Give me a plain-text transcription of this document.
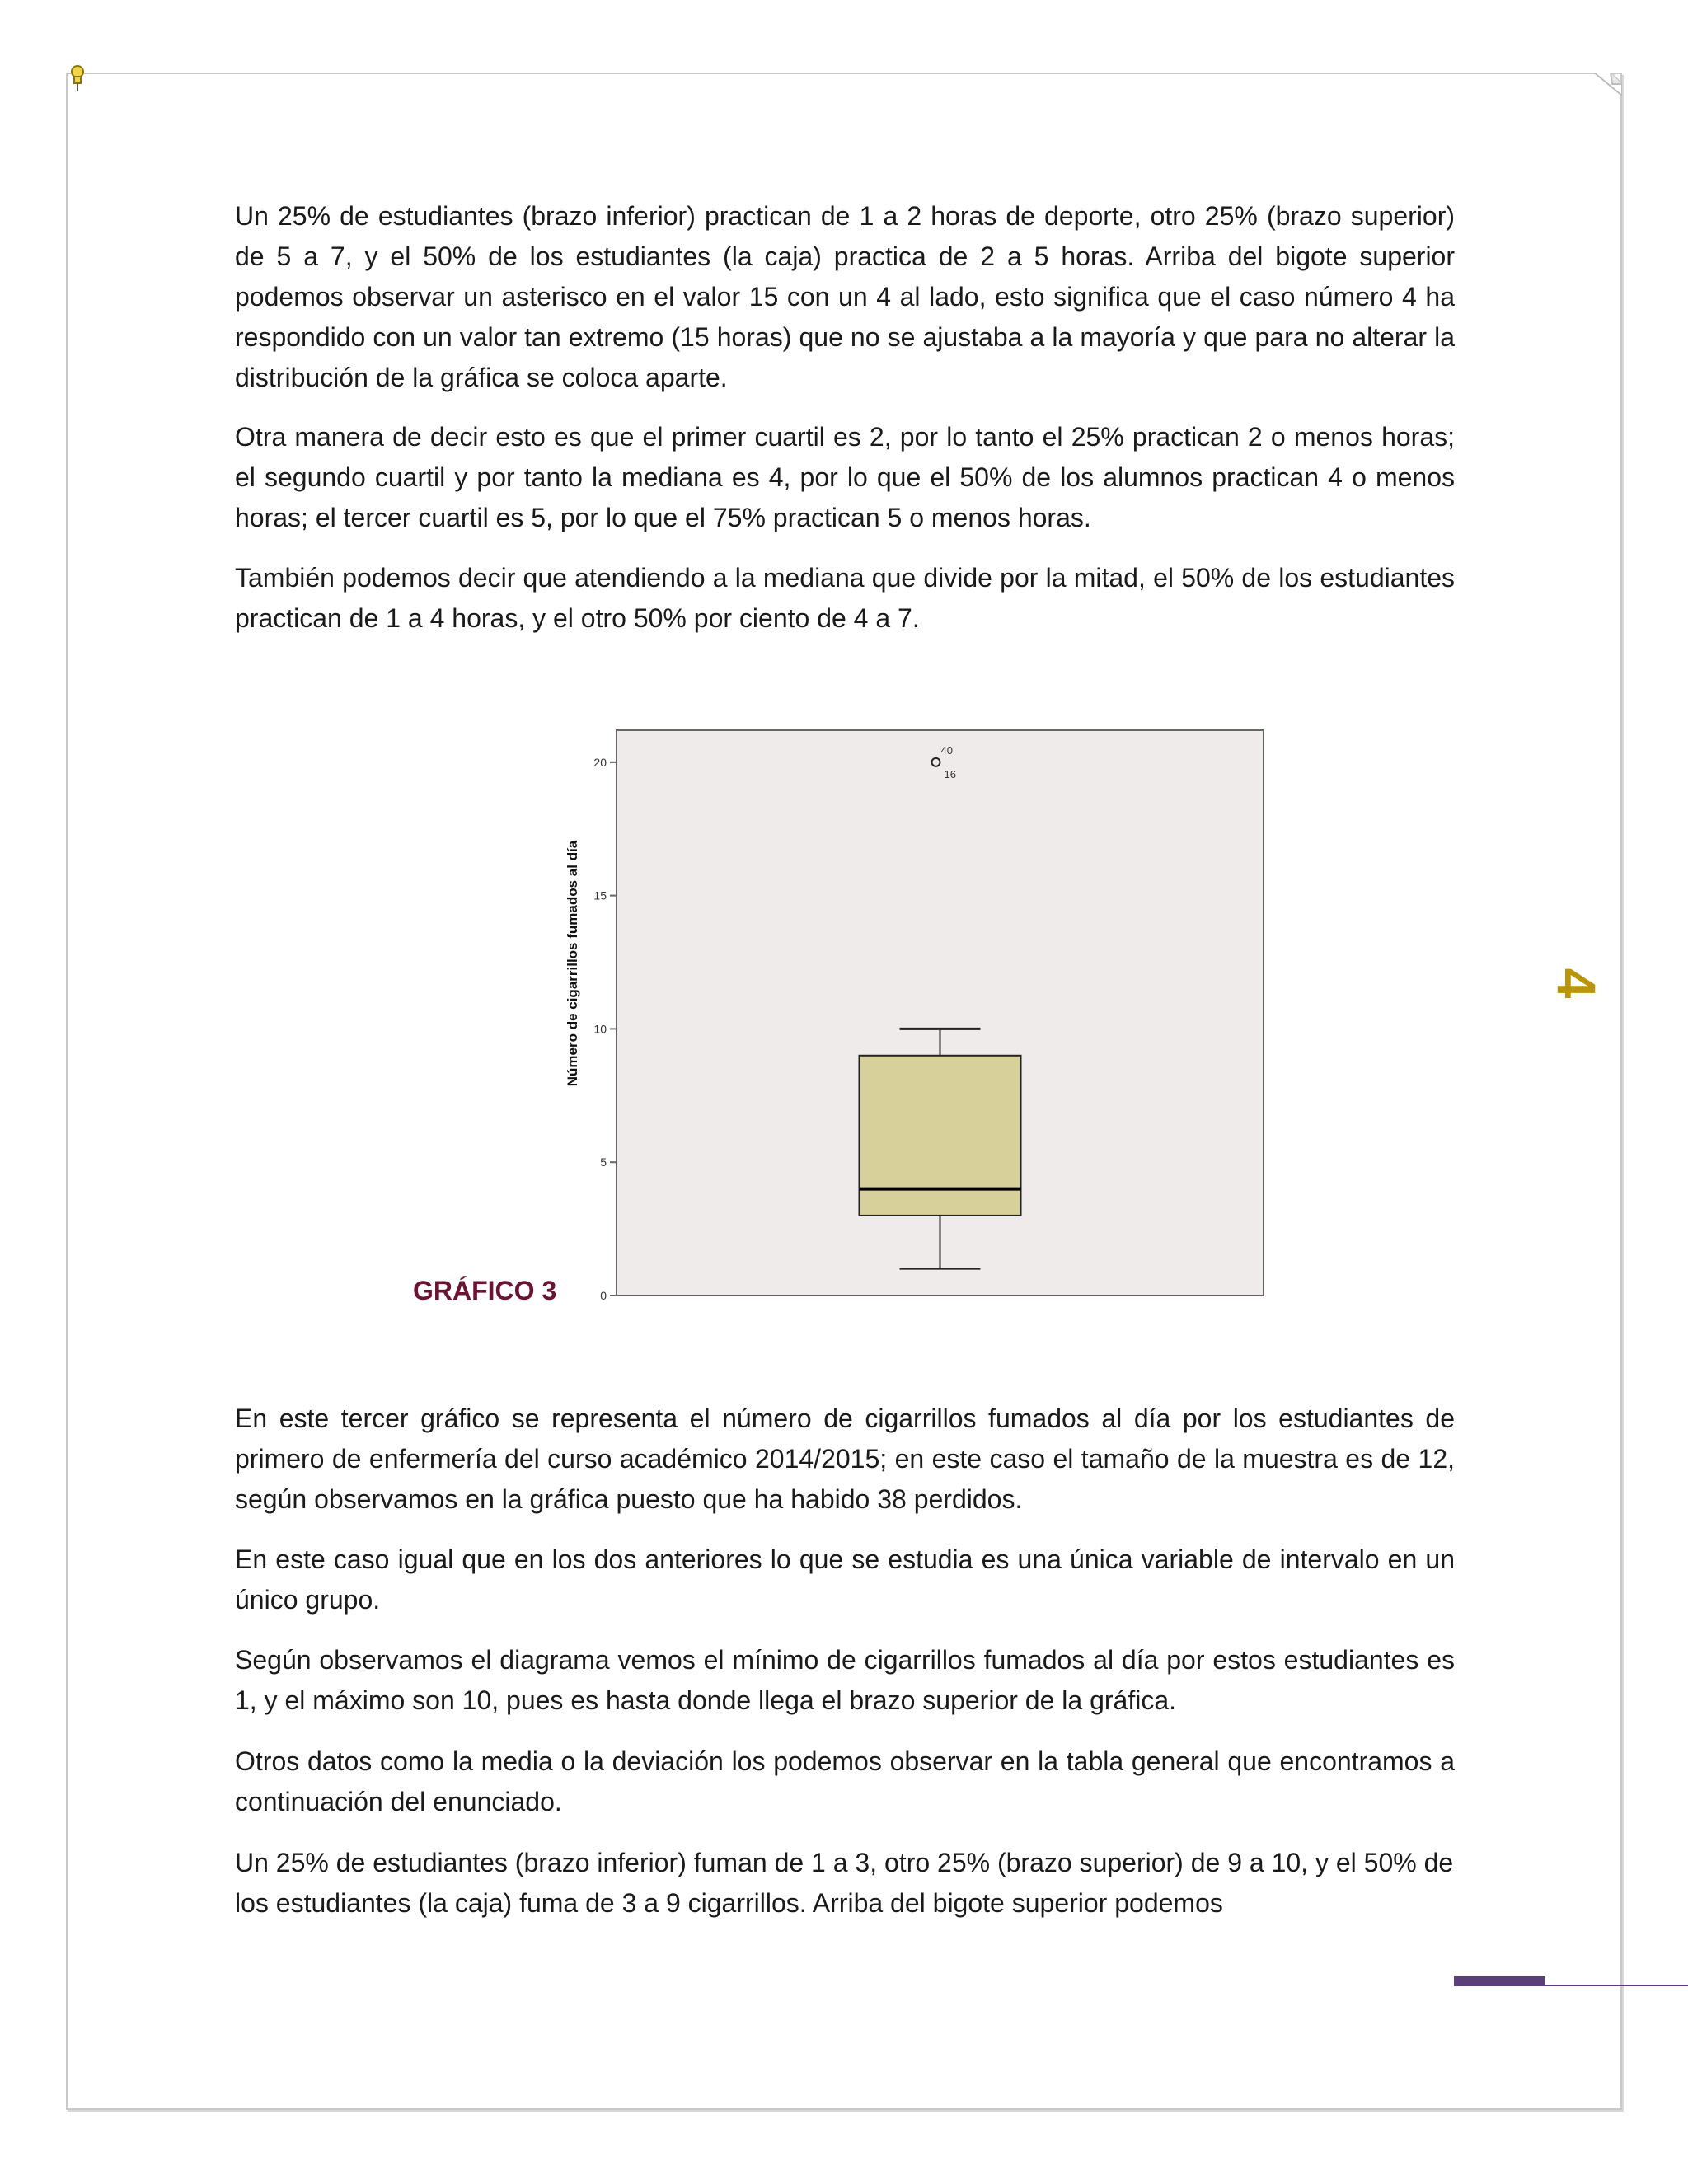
Un 25% de estudiantes (brazo inferior) practican de 1 a 2 horas de deporte, otro 25% (brazo superior) de 5 a 7, y el 50% de los estudiantes (la caja) practica de 2 a 5 horas. Arriba del bigote superior podemos observar un asterisco en el valor 15 con un 4 al lado, esto significa que el caso número 4 ha respondido con un valor tan extremo (15 horas) que no se ajustaba a la mayoría y que para no alterar la distribución de la gráfica se coloca aparte.

Otra manera de decir esto es que el primer cuartil es 2, por lo tanto el 25% practican 2 o menos horas; el segundo cuartil y por tanto la mediana es 4, por lo que el 50% de los alumnos practican 4 o menos horas; el tercer cuartil es 5, por lo que el 75% practican 5 o menos horas.

También podemos decir que atendiendo a la mediana que divide por la mitad, el 50% de los estudiantes practican de 1 a 4 horas, y el otro 50% por ciento de 4 a 7.

0
5
10
15
20
Número de cigarrillos fumados al día
40
16

GRÁFICO 3

En este tercer gráfico se representa el número de cigarrillos fumados al día por los estudiantes de primero de enfermería del curso académico 2014/2015; en este caso el tamaño de la muestra es de 12, según observamos en la gráfica puesto que ha habido 38 perdidos.

En este caso igual que en los dos anteriores lo que se estudia es una única variable de intervalo en un único grupo.

Según observamos el diagrama vemos el mínimo de cigarrillos fumados al día por estos estudiantes es 1, y el máximo son 10, pues es hasta donde llega el brazo superior de la gráfica.

Otros datos como la media o la deviación los podemos observar en la tabla general que encontramos a continuación del enunciado.

Un 25% de estudiantes (brazo inferior) fuman de 1 a 3, otro 25% (brazo superior) de 9 a 10, y el 50% de los estudiantes (la caja) fuma de 3 a 9 cigarrillos. Arriba del bigote superior podemos

4
